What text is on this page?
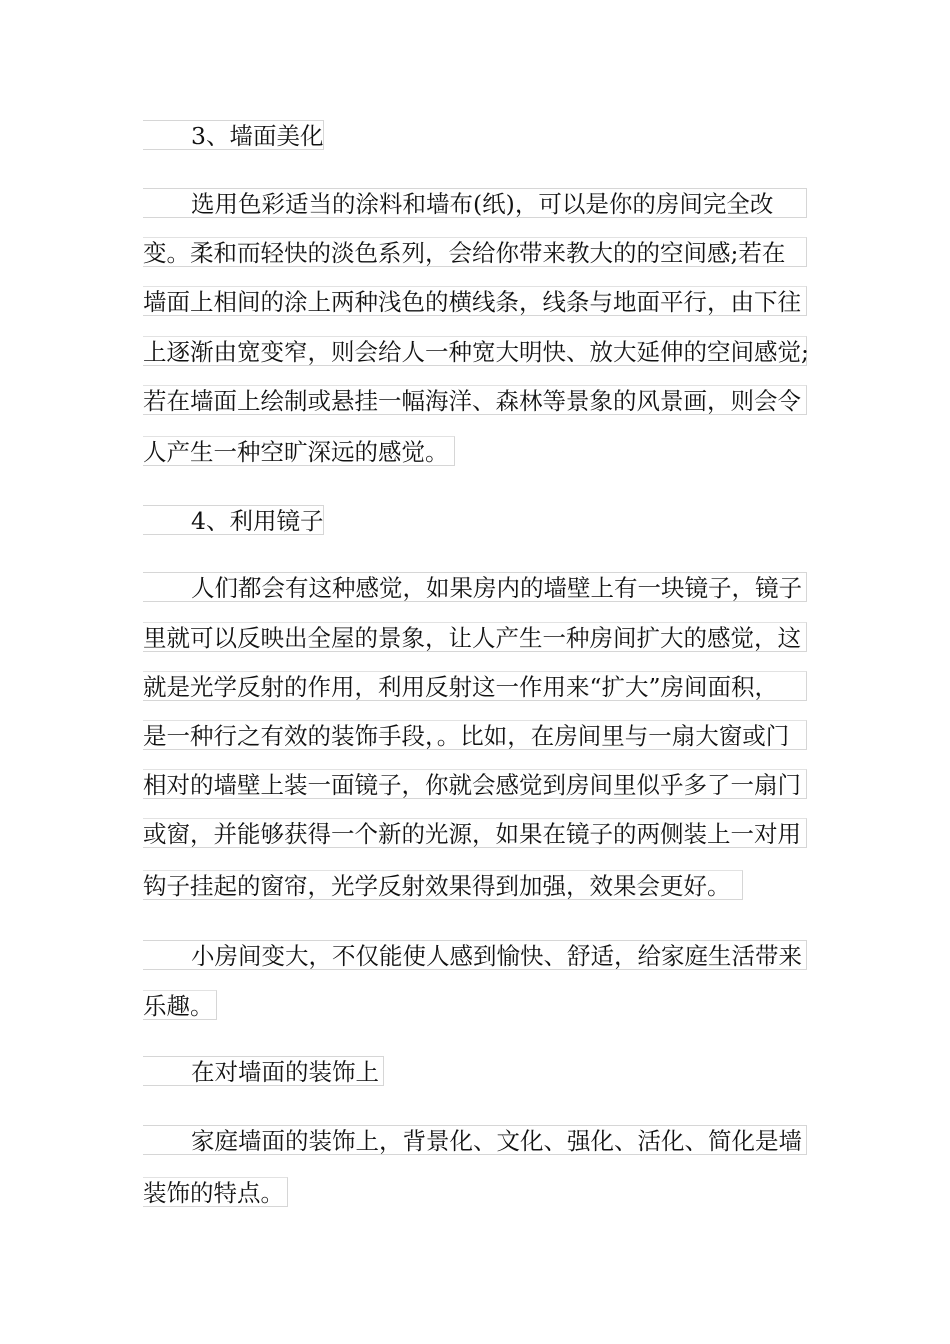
3、墙面美化
选用色彩适当的涂料和墙布(纸)，可以是你的房间完全改
变。柔和而轻快的淡色系列，会给你带来教大的的空间感;若在
墙面上相间的涂上两种浅色的横线条，线条与地面平行，由下往
上逐渐由宽变窄，则会给人一种宽大明快、放大延伸的空间感觉;
若在墙面上绘制或悬挂一幅海洋、森林等景象的风景画，则会令
人产生一种空旷深远的感觉。
4、利用镜子
人们都会有这种感觉，如果房内的墙壁上有一块镜子，镜子
里就可以反映出全屋的景象，让人产生一种房间扩大的感觉，这
就是光学反射的作用，利用反射这一作用来“扩大”房间面积，
是一种行之有效的装饰手段，。比如，在房间里与一扇大窗或门
相对的墙壁上装一面镜子，你就会感觉到房间里似乎多了一扇门
或窗，并能够获得一个新的光源，如果在镜子的两侧装上一对用
钩子挂起的窗帘，光学反射效果得到加强，效果会更好。
小房间变大，不仅能使人感到愉快、舒适，给家庭生活带来
乐趣。
在对墙面的装饰上
家庭墙面的装饰上，背景化、文化、强化、活化、简化是墙
装饰的特点。
